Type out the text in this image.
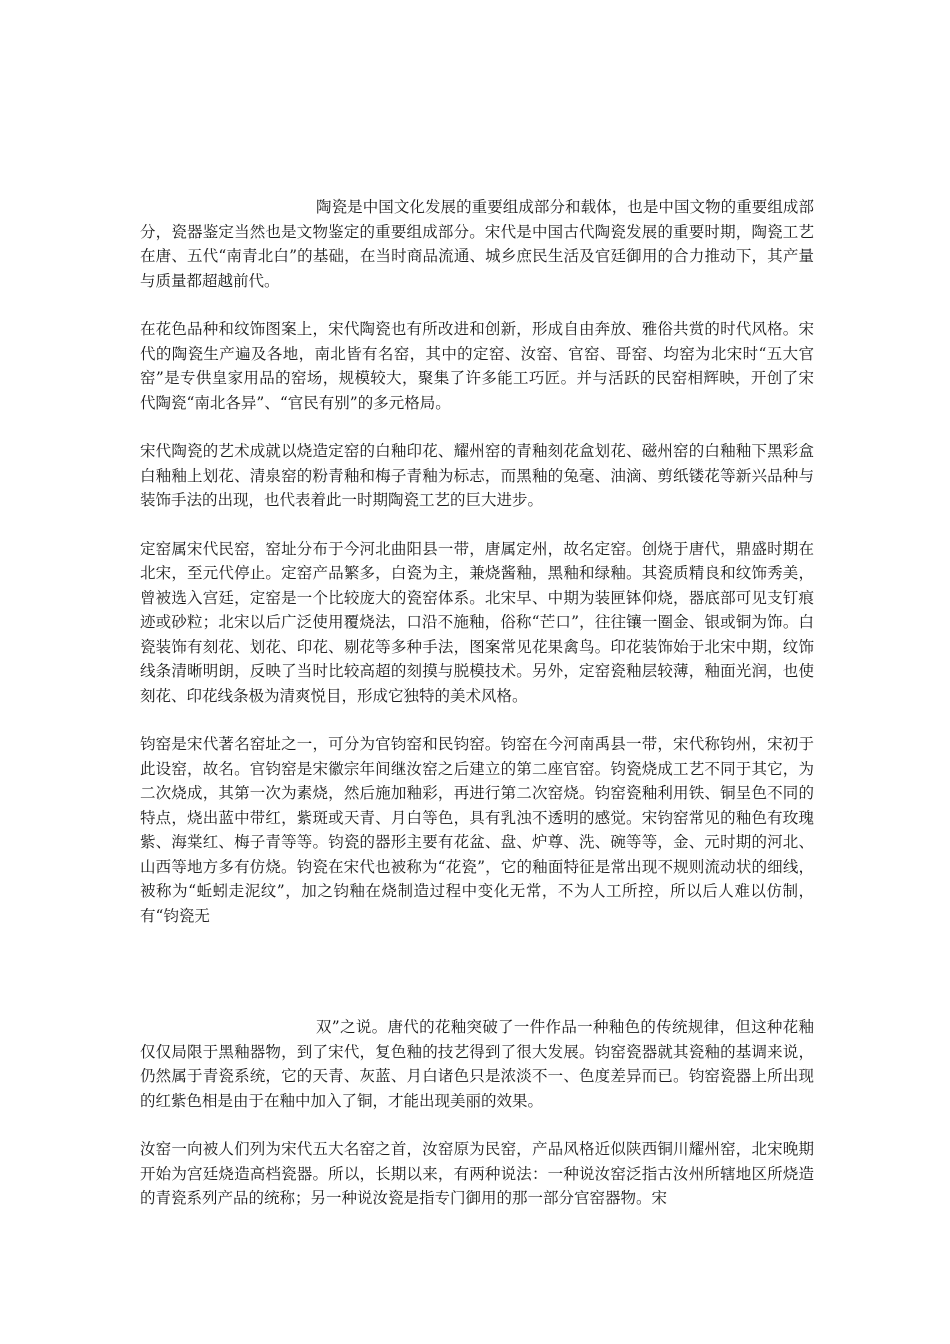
陶瓷是中国文化发展的重要组成部分和载体，也是中国文物的重要组成部分，瓷器鉴定当然也是文物鉴定的重要组成部分。宋代是中国古代陶瓷发展的重要时期，陶瓷工艺在唐、五代“南青北白”的基础，在当时商品流通、城乡庶民生活及官廷御用的合力推动下，其产量与质量都超越前代。

在花色品种和纹饰图案上，宋代陶瓷也有所改进和创新，形成自由奔放、雅俗共赏的时代风格。宋代的陶瓷生产遍及各地，南北皆有名窑，其中的定窑、汝窑、官窑、哥窑、均窑为北宋时“五大官窑”是专供皇家用品的窑场，规模较大，聚集了许多能工巧匠。并与活跃的民窑相辉映，开创了宋代陶瓷“南北各异”、“官民有别”的多元格局。

宋代陶瓷的艺术成就以烧造定窑的白釉印花、耀州窑的青釉刻花盒划花、磁州窑的白釉釉下黑彩盒白釉釉上划花、清泉窑的粉青釉和梅子青釉为标志，而黑釉的兔毫、油滴、剪纸镂花等新兴品种与装饰手法的出现，也代表着此一时期陶瓷工艺的巨大进步。

定窑属宋代民窑，窑址分布于今河北曲阳县一带，唐属定州，故名定窑。创烧于唐代，鼎盛时期在北宋，至元代停止。定窑产品繁多，白瓷为主，兼烧酱釉，黑釉和绿釉。其瓷质精良和纹饰秀美，曾被选入宫廷，定窑是一个比较庞大的瓷窑体系。北宋早、中期为装匣钵仰烧，器底部可见支钉痕迹或砂粒；北宋以后广泛使用覆烧法，口沿不施釉，俗称“芒口”，往往镶一圈金、银或铜为饰。白瓷装饰有刻花、划花、印花、剔花等多种手法，图案常见花果禽鸟。印花装饰始于北宋中期，纹饰线条清晰明朗，反映了当时比较高超的刻摸与脱模技术。另外，定窑瓷釉层较薄，釉面光润，也使刻花、印花线条极为清爽悦目，形成它独特的美术风格。

钧窑是宋代著名窑址之一，可分为官钧窑和民钧窑。钧窑在今河南禹县一带，宋代称钧州，宋初于此设窑，故名。官钧窑是宋徽宗年间继汝窑之后建立的第二座官窑。钧瓷烧成工艺不同于其它，为二次烧成，其第一次为素烧，然后施加釉彩，再进行第二次窑烧。钧窑瓷釉利用铁、铜呈色不同的特点，烧出蓝中带红，紫斑或天青、月白等色，具有乳浊不透明的感觉。宋钧窑常见的釉色有玫瑰紫、海棠红、梅子青等等。钧瓷的器形主要有花盆、盘、炉尊、洗、碗等等，金、元时期的河北、山西等地方多有仿烧。钧瓷在宋代也被称为“花瓷”，它的釉面特征是常出现不规则流动状的细线，被称为“蚯蚓走泥纹”，加之钧釉在烧制造过程中变化无常，不为人工所控，所以后人难以仿制，有“钧瓷无

双”之说。唐代的花釉突破了一件作品一种釉色的传统规律，但这种花釉仅仅局限于黑釉器物，到了宋代，复色釉的技艺得到了很大发展。钧窑瓷器就其瓷釉的基调来说，仍然属于青瓷系统，它的天青、灰蓝、月白诸色只是浓淡不一、色度差异而已。钧窑瓷器上所出现的红紫色相是由于在釉中加入了铜，才能出现美丽的效果。

汝窑一向被人们列为宋代五大名窑之首，汝窑原为民窑，产品风格近似陕西铜川耀州窑，北宋晚期开始为宫廷烧造高档瓷器。所以，长期以来，有两种说法：一种说汝窑泛指古汝州所辖地区所烧造的青瓷系列产品的统称；另一种说汝瓷是指专门御用的那一部分官窑器物。宋
